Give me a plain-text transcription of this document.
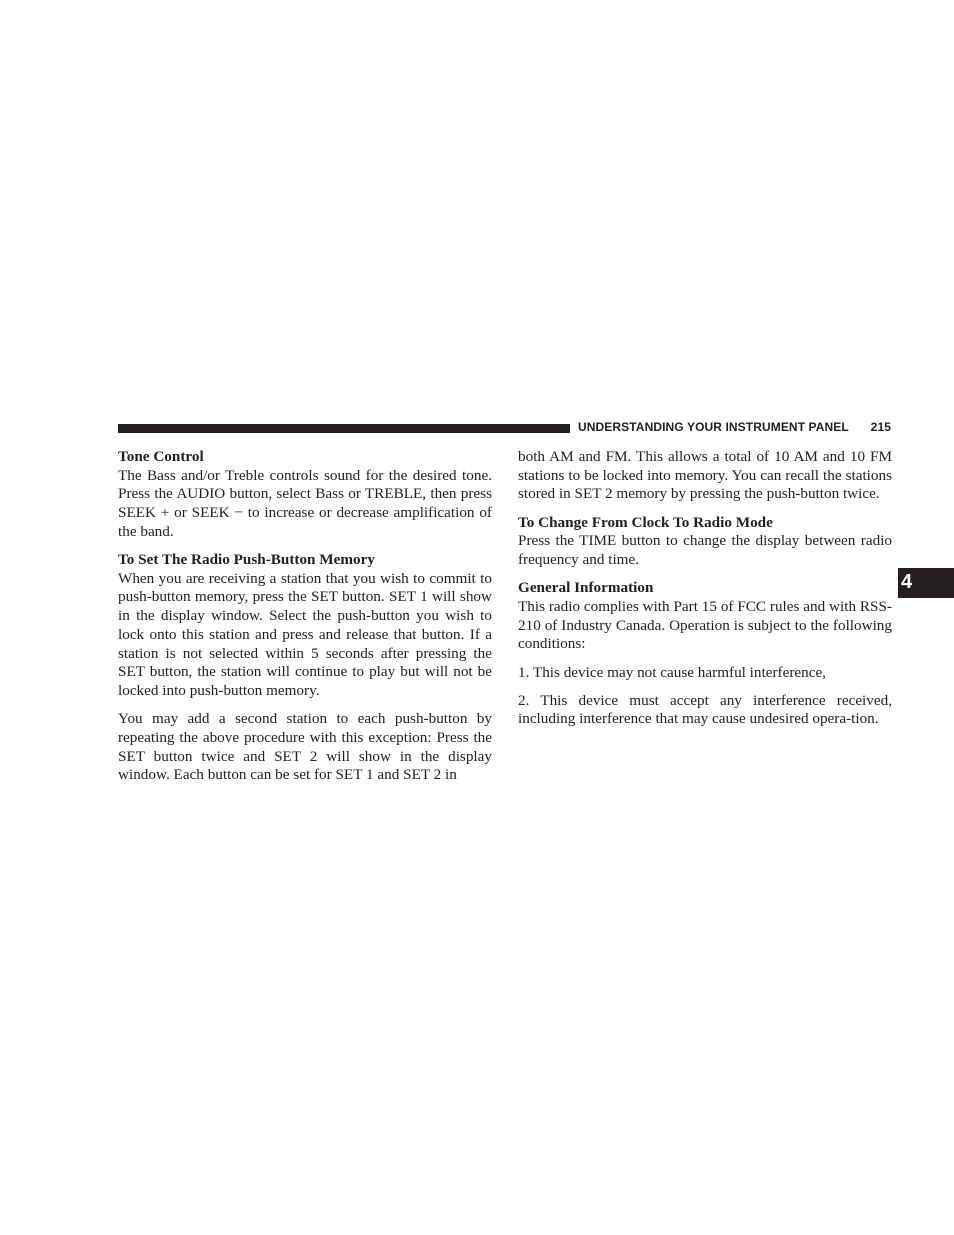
UNDERSTANDING YOUR INSTRUMENT PANEL 215
Tone Control

The Bass and/or Treble controls sound for the desired tone. Press the AUDIO button, select Bass or TREBLE, then press SEEK + or SEEK − to increase or decrease amplification of the band.

To Set The Radio Push-Button Memory

When you are receiving a station that you wish to commit to push-button memory, press the SET button. SET 1 will show in the display window. Select the push-button you wish to lock onto this station and press and release that button. If a station is not selected within 5 seconds after pressing the SET button, the station will continue to play but will not be locked into push-button memory.

You may add a second station to each push-button by repeating the above procedure with this exception: Press the SET button twice and SET 2 will show in the display window. Each button can be set for SET 1 and SET 2 in

both AM and FM. This allows a total of 10 AM and 10 FM stations to be locked into memory. You can recall the stations stored in SET 2 memory by pressing the push-button twice.

To Change From Clock To Radio Mode

Press the TIME button to change the display between radio frequency and time.

General Information

This radio complies with Part 15 of FCC rules and with RSS-210 of Industry Canada. Operation is subject to the following conditions:

1. This device may not cause harmful interference,

2. This device must accept any interference received, including interference that may cause undesired opera-tion.

4
